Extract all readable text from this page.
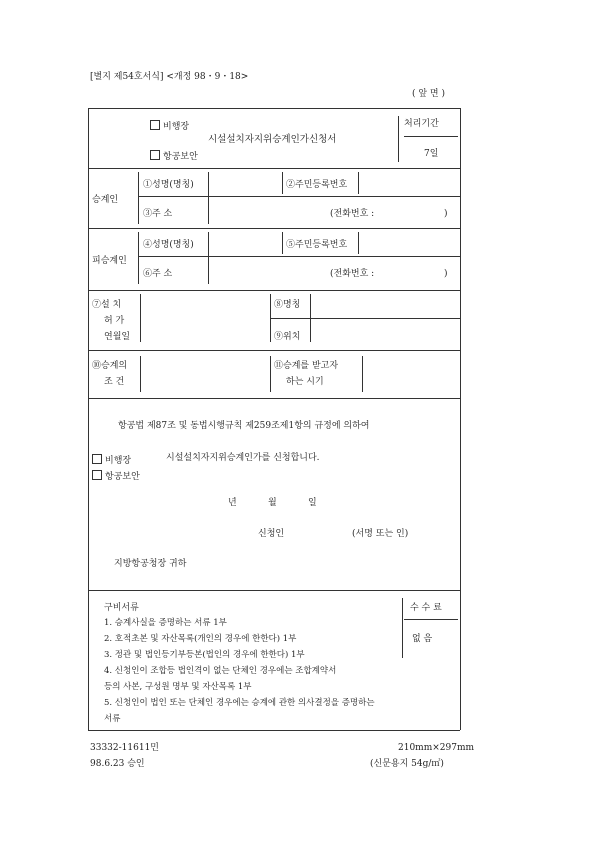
[별지 제54호서식] <개정 98・9・18>
( 앞 면 )
비행장
항공보안
시설설치자지위승계인가신청서
처리기간
7일
승계인
①성명(명칭)	②주민등록번호
③주 소	(전화번호 :	)
피승계인
④성명(명칭)	⑤주민등록번호
⑥주 소	(전화번호 :	)
⑦설 치
허 가
연월일
⑧명칭
⑨위치
⑩승계의
조 건
⑪승계를 받고자
하는 시기
항공법 제87조 및 동법시행규칙 제259조제1항의 규정에 의하여
비행장	시설설치자지위승계인가를 신청합니다.
항공보안
년	월	일
신청인	(서명 또는 인)
지방항공청장 귀하
구비서류
1. 승계사실을 증명하는 서류 1부
2. 호적초본 및 자산목록(개인의 경우에 한한다) 1부
3. 정관 및 법인등기부등본(법인의 경우에 한한다) 1부
4. 신청인이 조합등 법인격이 없는 단체인 경우에는 조합계약서
등의 사본, 구성원 명부 및 자산목록 1부
5. 신청인이 법인 또는 단체인 경우에는 승계에 관한 의사결정을 증명하는
서류
수 수 료
없 음
33332-11611민
98.6.23 승인
210mm×297mm
(신문용지 54g/㎡)
